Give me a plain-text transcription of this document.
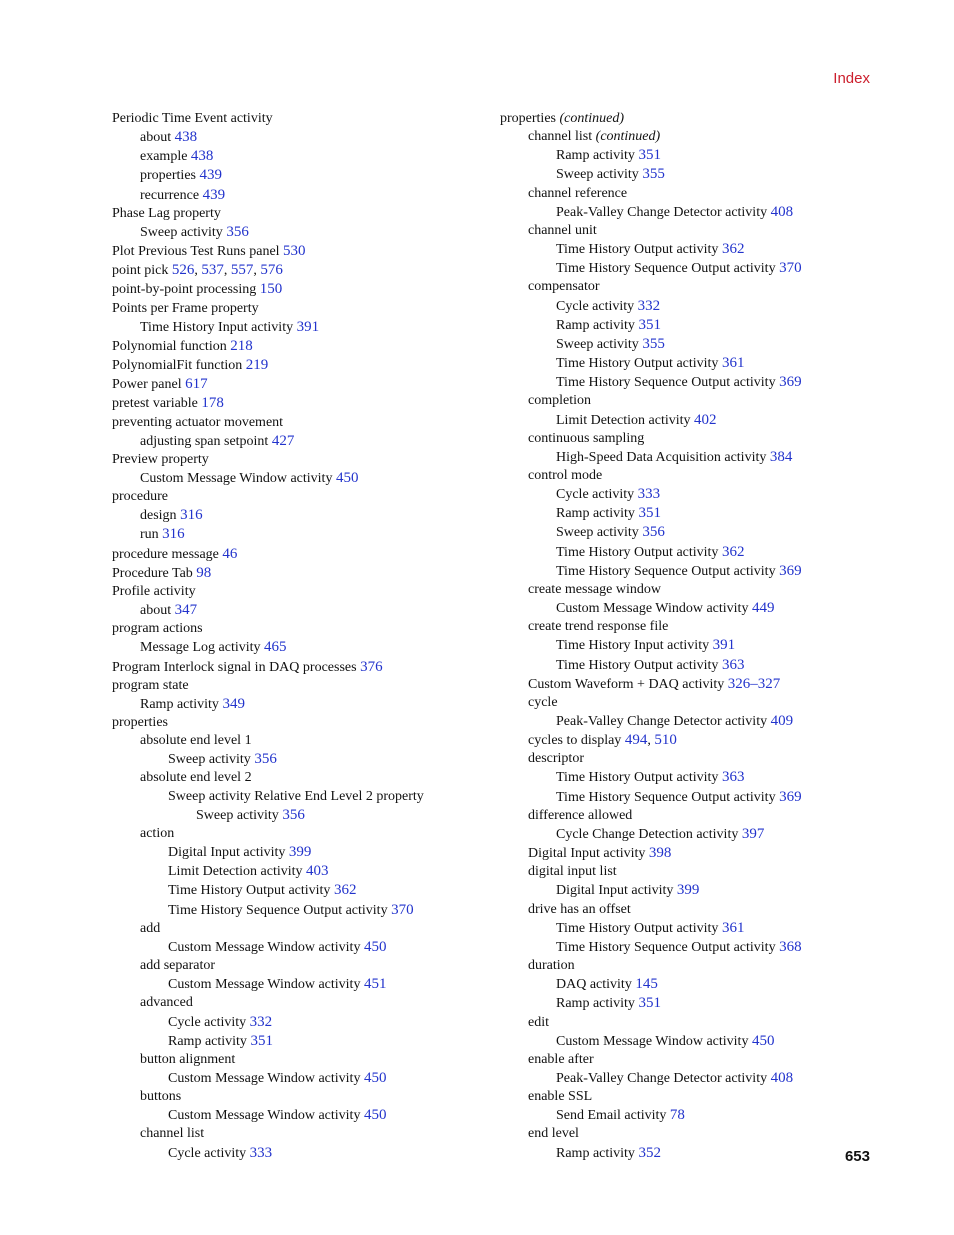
Index
Periodic Time Event activity
about 438
example 438
properties 439
recurrence 439
Phase Lag property
Sweep activity 356
Plot Previous Test Runs panel 530
point pick 526, 537, 557, 576
point-by-point processing 150
Points per Frame property
Time History Input activity 391
Polynomial function 218
PolynomialFit function 219
Power panel 617
pretest variable 178
preventing actuator movement
adjusting span setpoint 427
Preview property
Custom Message Window activity 450
procedure
design 316
run 316
procedure message 46
Procedure Tab 98
Profile activity
about 347
program actions
Message Log activity 465
Program Interlock signal in DAQ processes 376
program state
Ramp activity 349
properties
absolute end level 1
Sweep activity 356
absolute end level 2
Sweep activity Relative End Level 2 property
Sweep activity 356
action
Digital Input activity 399
Limit Detection activity 403
Time History Output activity 362
Time History Sequence Output activity 370
add
Custom Message Window activity 450
add separator
Custom Message Window activity 451
advanced
Cycle activity 332
Ramp activity 351
button alignment
Custom Message Window activity 450
buttons
Custom Message Window activity 450
channel list
Cycle activity 333
properties (continued)
channel list (continued)
Ramp activity 351
Sweep activity 355
channel reference
Peak-Valley Change Detector activity 408
channel unit
Time History Output activity 362
Time History Sequence Output activity 370
compensator
Cycle activity 332
Ramp activity 351
Sweep activity 355
Time History Output activity 361
Time History Sequence Output activity 369
completion
Limit Detection activity 402
continuous sampling
High-Speed Data Acquisition activity 384
control mode
Cycle activity 333
Ramp activity 351
Sweep activity 356
Time History Output activity 362
Time History Sequence Output activity 369
create message window
Custom Message Window activity 449
create trend response file
Time History Input activity 391
Time History Output activity 363
Custom Waveform + DAQ activity 326–327
cycle
Peak-Valley Change Detector activity 409
cycles to display 494, 510
descriptor
Time History Output activity 363
Time History Sequence Output activity 369
difference allowed
Cycle Change Detection activity 397
Digital Input activity 398
digital input list
Digital Input activity 399
drive has an offset
Time History Output activity 361
Time History Sequence Output activity 368
duration
DAQ activity 145
Ramp activity 351
edit
Custom Message Window activity 450
enable after
Peak-Valley Change Detector activity 408
enable SSL
Send Email activity 78
end level
Ramp activity 352	653
